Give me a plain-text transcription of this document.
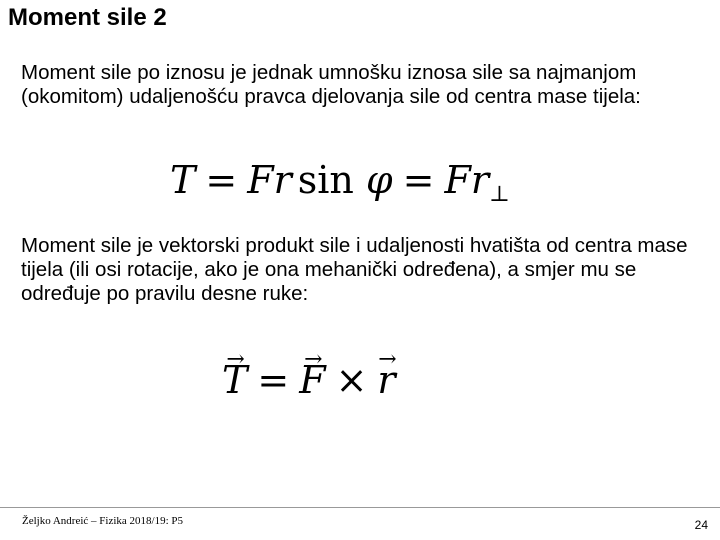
Moment sile 2

Moment sile po iznosu je jednak umnošku iznosa sile sa najmanjom (okomitom) udaljenošću pravca djelovanja sile od centra mase tijela:

T = Fr $\sin \varphi = Fr_\perp$

Moment sile je vektorski produkt sile i udaljenosti hvatišta od centra mase tijela (ili osi rotacije, ako je ona mehanički određena), a smjer mu se određuje po pravilu desne ruke:

→ T = → F × → r
Željko Andreić – Fizika 2018/19: P5	24
